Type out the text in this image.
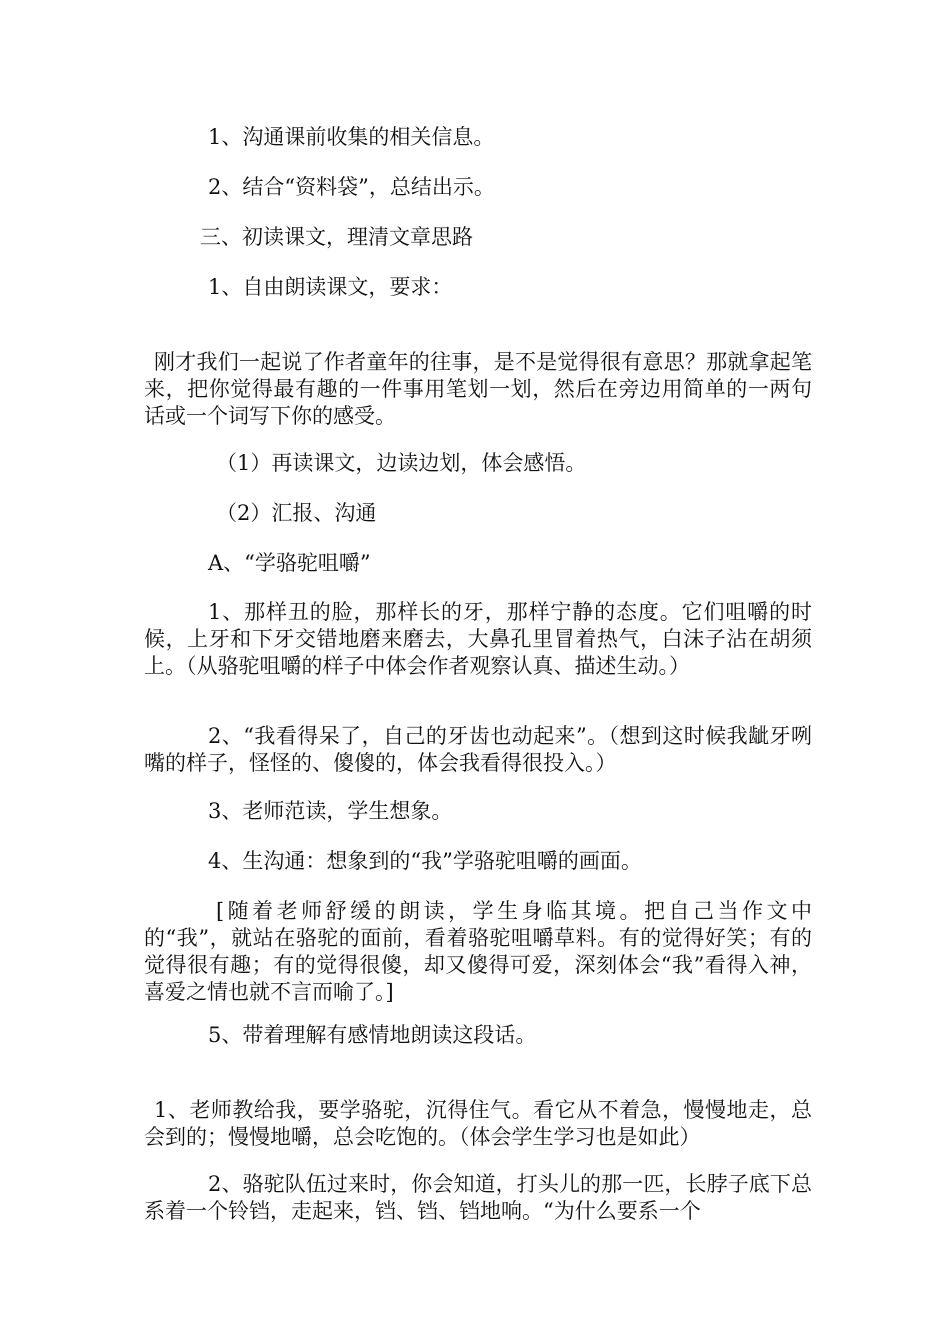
1、沟通课前收集的相关信息。
2、结合“资料袋”，总结出示。
三、初读课文，理清文章思路
1、自由朗读课文，要求：
刚才我们一起说了作者童年的往事，是不是觉得很有意思？那就拿起笔来，把你觉得最有趣的一件事用笔划一划，然后在旁边用简单的一两句话或一个词写下你的感受。
（1）再读课文，边读边划，体会感悟。
（2）汇报、沟通
A、“学骆驼咀嚼”
1、那样丑的脸，那样长的牙，那样宁静的态度。它们咀嚼的时候，上牙和下牙交错地磨来磨去，大鼻孔里冒着热气，白沫子沾在胡须上。（从骆驼咀嚼的样子中体会作者观察认真、描述生动。）
2、“我看得呆了，自己的牙齿也动起来”。（想到这时候我龇牙咧嘴的样子，怪怪的、傻傻的，体会我看得很投入。）
3、老师范读，学生想象。
4、生沟通：想象到的“我”学骆驼咀嚼的画面。
[随着老师舒缓的朗读，学生身临其境。把自己当作文中的“我”，就站在骆驼的面前，看着骆驼咀嚼草料。有的觉得好笑；有的觉得很有趣；有的觉得很傻，却又傻得可爱，深刻体会“我”看得入神，喜爱之情也就不言而喻了。]
5、带着理解有感情地朗读这段话。
1、老师教给我，要学骆驼，沉得住气。看它从不着急，慢慢地走，总会到的；慢慢地嚼，总会吃饱的。（体会学生学习也是如此）
2、骆驼队伍过来时，你会知道，打头儿的那一匹，长脖子底下总系着一个铃铛，走起来，铛、铛、铛地响。“为什么要系一个
